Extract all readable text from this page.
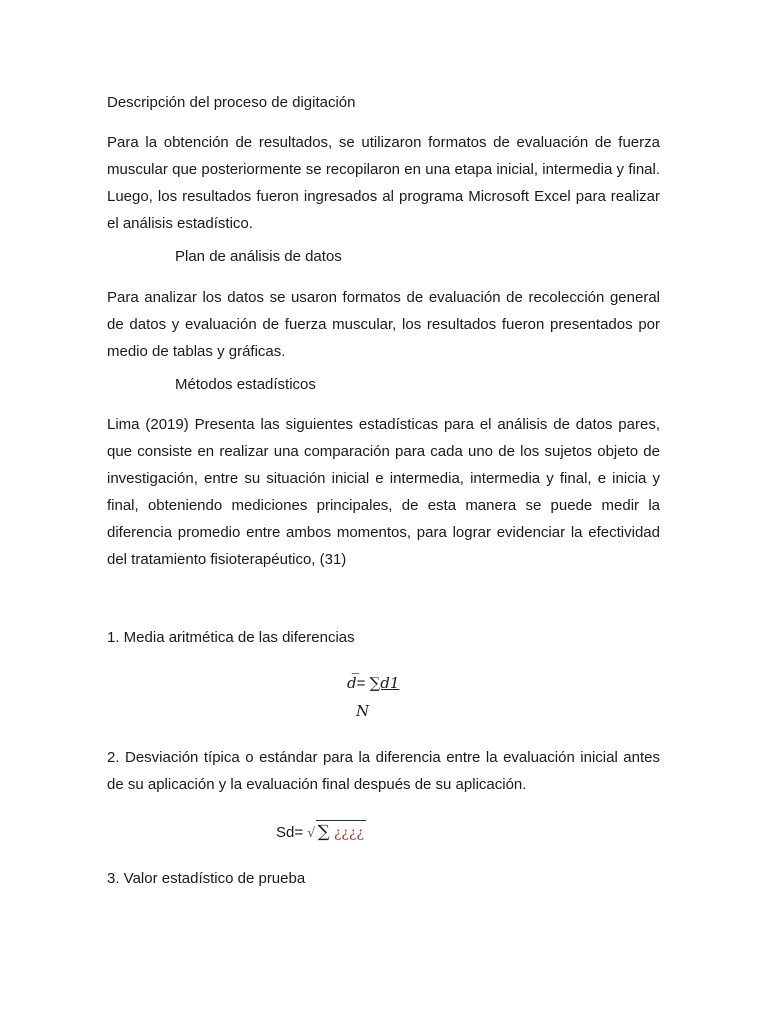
Descripción del proceso de digitación

Para la obtención de resultados, se utilizaron formatos de evaluación de fuerza muscular que posteriormente se recopilaron en una etapa inicial, intermedia y final. Luego, los resultados fueron ingresados al programa Microsoft Excel para realizar el análisis estadístico.

Plan de análisis de datos

Para analizar los datos se usaron formatos de evaluación de recolección general de datos y evaluación de fuerza muscular, los resultados fueron presentados por medio de tablas y gráficas.

Métodos estadísticos

Lima (2019) Presenta las siguientes estadísticas para el análisis de datos pares, que consiste en realizar una comparación para cada uno de los sujetos objeto de investigación, entre su situación inicial e intermedia, intermedia y final, e inicia y final, obteniendo mediciones principales, de esta manera se puede medir la diferencia promedio entre ambos momentos, para lograr evidenciar la efectividad del tratamiento fisioterapéutico, (31)

1. Media aritmética de las diferencias

d̅= ∑d1
N

2. Desviación típica o estándar para la diferencia entre la evaluación inicial antes de su aplicación y la evaluación final después de su aplicación.

Sd= √ ∑ ¿¿¿¿

3. Valor estadístico de prueba
